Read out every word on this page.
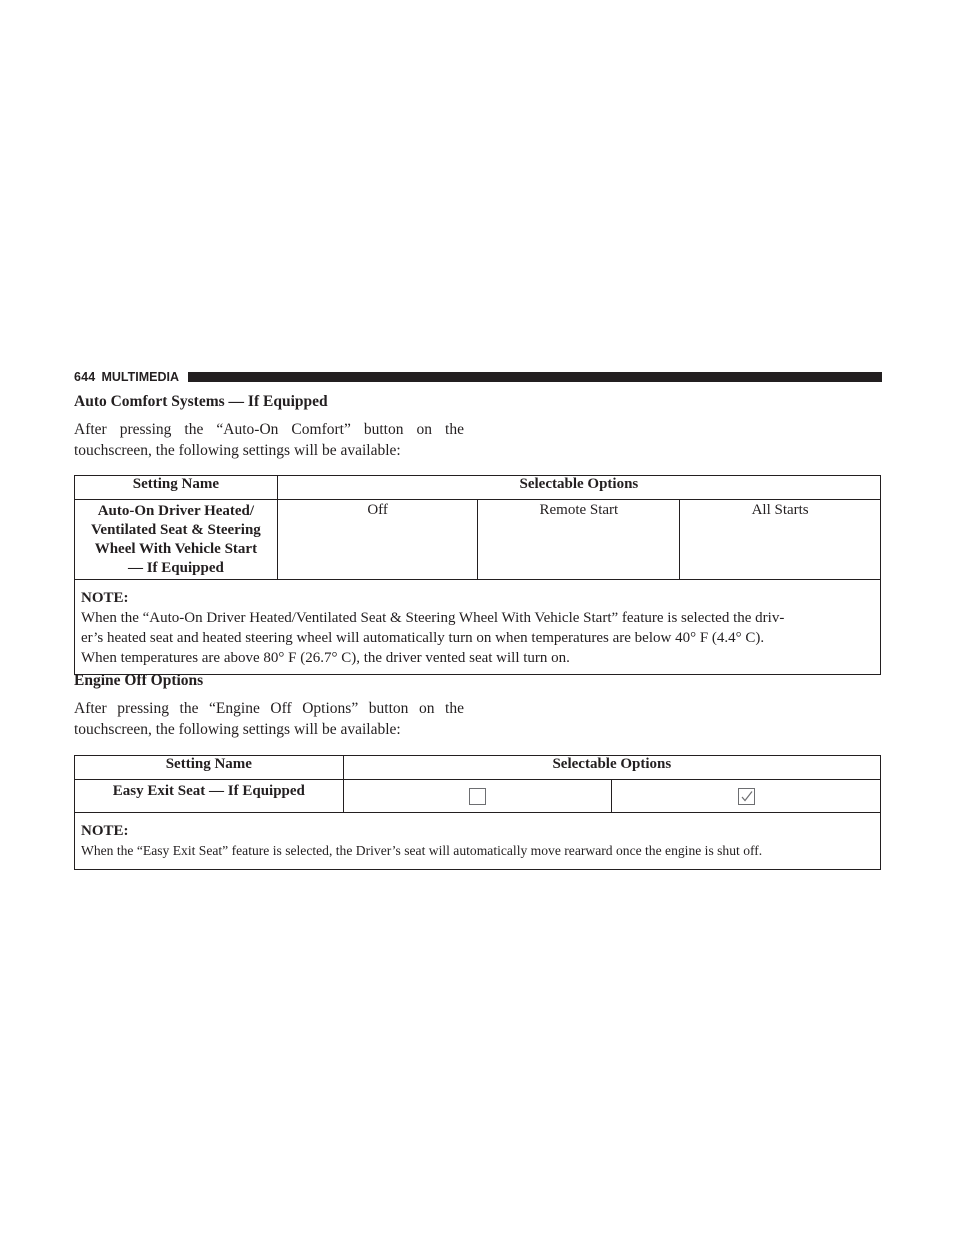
644 MULTIMEDIA
Auto Comfort Systems — If Equipped
After pressing the “Auto-On Comfort” button on the
touchscreen, the following settings will be available:
Setting Name	Selectable Options		

Auto-On Driver Heated/
Ventilated Seat & Steering
Wheel With Vehicle Start
— If Equipped	Off	Remote Start	All Starts

NOTE:
When the “Auto-On Driver Heated/Ventilated Seat & Steering Wheel With Vehicle Start” feature is selected the driv-
er’s heated seat and heated steering wheel will automatically turn on when temperatures are below 40° F (4.4° C).
When temperatures are above 80° F (26.7° C), the driver vented seat will turn on.			
Engine Off Options
After pressing the “Engine Off Options” button on the
touchscreen, the following settings will be available:
Setting Name	Selectable Options	
Easy Exit Seat — If Equipped		

NOTE:
When the “Easy Exit Seat” feature is selected, the Driver’s seat will automatically move rearward once the engine is shut off.		
